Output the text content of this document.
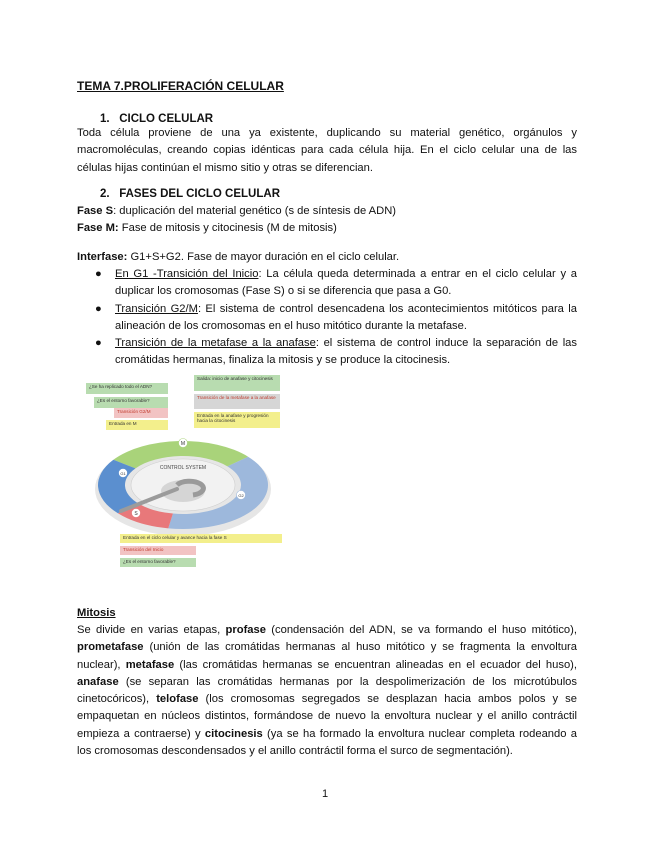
TEMA 7.PROLIFERACIÓN CELULAR
1. CICLO CELULAR

Toda célula proviene de una ya existente, duplicando su material genético, orgánulos y macromoléculas, creando copias idénticas para cada célula hija. En el ciclo celular una de las células hijas continúan el mismo sitio y otras se diferencian.

2. FASES DEL CICLO CELULAR
Fase S: duplicación del material genético (s de síntesis de ADN)
Fase M: Fase de mitosis y citocinesis (M de mitosis)
Interfase: G1+S+G2. Fase de mayor duración en el ciclo celular.
● En G1 -Transición del Inicio: La célula queda determinada a entrar en el ciclo celular y a duplicar los cromosomas (Fase S) o si se diferencia que pasa a G0.
● Transición G2/M: El sistema de control desencadena los acontecimientos mitóticos para la alineación de los cromosomas en el huso mitótico durante la metafase.
● Transición de la metafase a la anafase: el sistema de control induce la separación de las cromátidas hermanas, finaliza la mitosis y se produce la citocinesis.
¿Se ha replicado todo el ADN?
¿Es el entorno favorable?
Transición G2/M
Entrada en M
Salida: inicio de anafase y citocinesis
Transición de la metafase a la anafase
Entrada en la anafase y progresión hacia la citocinesis
CONTROL SYSTEM
M
G1
S
G2
Entrada en el ciclo celular y avance hacia la fase S
Transición del Inicio
¿Es el entorno favorable?
Mitosis

Se divide en varias etapas, profase (condensación del ADN, se va formando el huso mitótico), prometafase (unión de las cromátidas hermanas al huso mitótico y se fragmenta la envoltura nuclear), metafase (las cromátidas hermanas se encuentran alineadas en el ecuador del huso), anafase (se separan las cromátidas hermanas por la despolimerización de los microtúbulos cinetocóricos), telofase (los cromosomas segregados se desplazan hacia ambos polos y se empaquetan en núcleos distintos, formándose de nuevo la envoltura nuclear y el anillo contráctil empieza a contraerse) y citocinesis (ya se ha formado la envoltura nuclear completa rodeando a los cromosomas descondensados y el anillo contráctil forma el surco de segmentación).

1
